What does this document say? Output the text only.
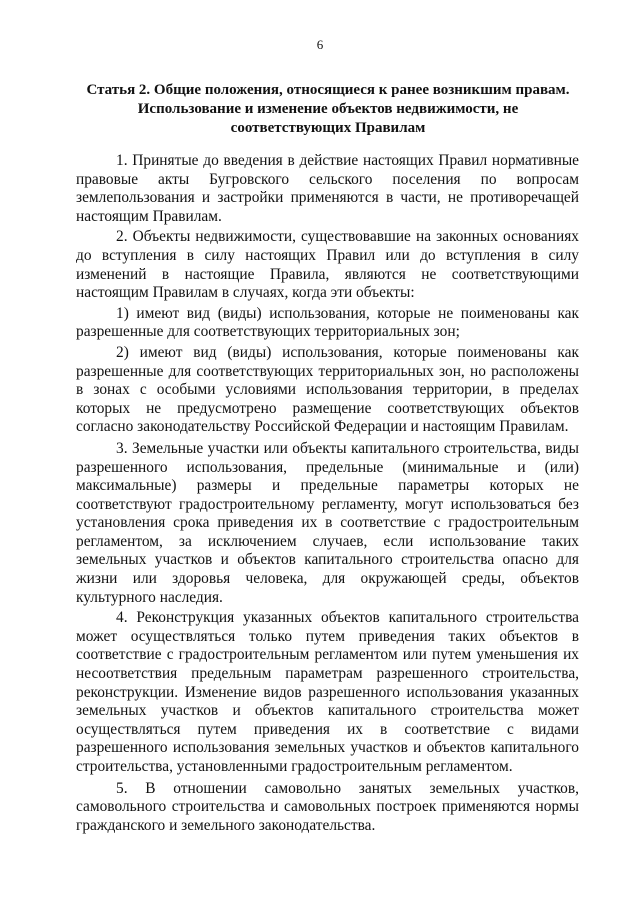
6
Статья 2. Общие положения, относящиеся к ранее возникшим правам.
Использование и изменение объектов недвижимости, не
соответствующих Правилам

1. Принятые до введения в действие настоящих Правил нормативные правовые акты Бугровского сельского поселения по вопросам землепользования и застройки применяются в части, не противоречащей настоящим Правилам.

2. Объекты недвижимости, существовавшие на законных основаниях до вступления в силу настоящих Правил или до вступления в силу изменений в настоящие Правила, являются не соответствующими настоящим Правилам в случаях, когда эти объекты:

1) имеют вид (виды) использования, которые не поименованы как разрешенные для соответствующих территориальных зон;

2) имеют вид (виды) использования, которые поименованы как разрешенные для соответствующих территориальных зон, но расположены в зонах с особыми условиями использования территории, в пределах которых не предусмотрено размещение соответствующих объектов согласно законодательству Российской Федерации и настоящим Правилам.

3. Земельные участки или объекты капитального строительства, виды разрешенного использования, предельные (минимальные и (или) максимальные) размеры и предельные параметры которых не соответствуют градостроительному регламенту, могут использоваться без установления срока приведения их в соответствие с градостроительным регламентом, за исключением случаев, если использование таких земельных участков и объектов капитального строительства опасно для жизни или здоровья человека, для окружающей среды, объектов культурного наследия.

4. Реконструкция указанных объектов капитального строительства может осуществляться только путем приведения таких объектов в соответствие с градостроительным регламентом или путем уменьшения их несоответствия предельным параметрам разрешенного строительства, реконструкции. Изменение видов разрешенного использования указанных земельных участков и объектов капитального строительства может осуществляться путем приведения их в соответствие с видами разрешенного использования земельных участков и объектов капитального строительства, установленными градостроительным регламентом.

5. В отношении самовольно занятых земельных участков, самовольного строительства и самовольных построек применяются нормы гражданского и земельного законодательства.
